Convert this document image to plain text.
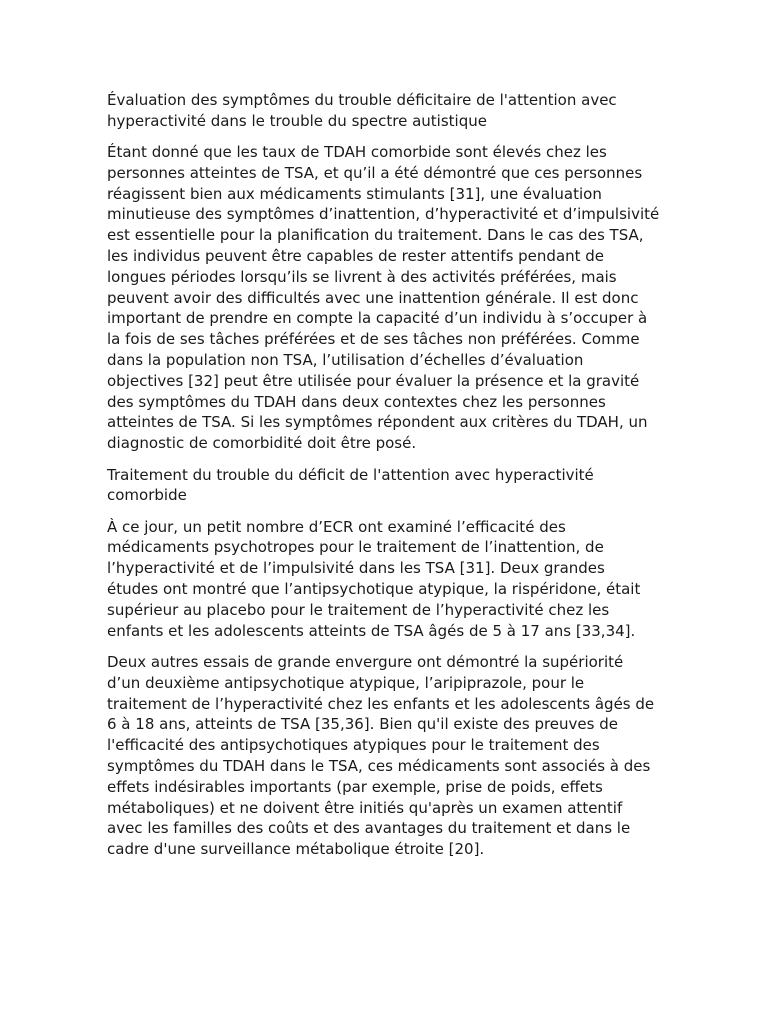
Évaluation des symptômes du trouble déficitaire de l'attention avec
hyperactivité dans le trouble du spectre autistique

Étant donné que les taux de TDAH comorbide sont élevés chez les
personnes atteintes de TSA, et qu’il a été démontré que ces personnes
réagissent bien aux médicaments stimulants [31], une évaluation
minutieuse des symptômes d’inattention, d’hyperactivité et d’impulsivité
est essentielle pour la planification du traitement. Dans le cas des TSA,
les individus peuvent être capables de rester attentifs pendant de
longues périodes lorsqu’ils se livrent à des activités préférées, mais
peuvent avoir des difficultés avec une inattention générale. Il est donc
important de prendre en compte la capacité d’un individu à s’occuper à
la fois de ses tâches préférées et de ses tâches non préférées. Comme
dans la population non TSA, l’utilisation d’échelles d’évaluation
objectives [32] peut être utilisée pour évaluer la présence et la gravité
des symptômes du TDAH dans deux contextes chez les personnes
atteintes de TSA. Si les symptômes répondent aux critères du TDAH, un
diagnostic de comorbidité doit être posé.

Traitement du trouble du déficit de l'attention avec hyperactivité
comorbide

À ce jour, un petit nombre d’ECR ont examiné l’efficacité des
médicaments psychotropes pour le traitement de l’inattention, de
l’hyperactivité et de l’impulsivité dans les TSA [31]. Deux grandes
études ont montré que l’antipsychotique atypique, la rispéridone, était
supérieur au placebo pour le traitement de l’hyperactivité chez les
enfants et les adolescents atteints de TSA âgés de 5 à 17 ans [33,34].

Deux autres essais de grande envergure ont démontré la supériorité
d’un deuxième antipsychotique atypique, l’aripiprazole, pour le
traitement de l’hyperactivité chez les enfants et les adolescents âgés de
6 à 18 ans, atteints de TSA [35,36]. Bien qu'il existe des preuves de
l'efficacité des antipsychotiques atypiques pour le traitement des
symptômes du TDAH dans le TSA, ces médicaments sont associés à des
effets indésirables importants (par exemple, prise de poids, effets
métaboliques) et ne doivent être initiés qu'après un examen attentif
avec les familles des coûts et des avantages du traitement et dans le
cadre d'une surveillance métabolique étroite [20].
